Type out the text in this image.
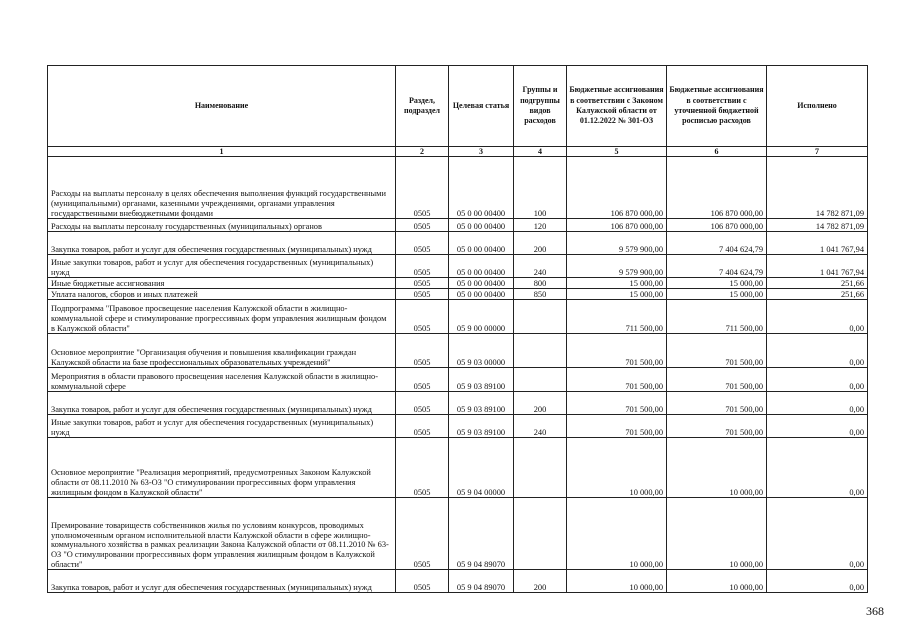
Наименование	Раздел, подраздел	Целевая статья	Группы и подгруппы видов расходов	Бюджетные ассигнования в соответствии с Законом Калужской области от 01.12.2022 № 301-ОЗ	Бюджетные ассигнования в соответствии с уточненной бюджетной росписью расходов	Исполнено
1	2	3	4	5	6	7
Расходы на выплаты персоналу в целях обеспечения выполнения функций государственными (муниципальными) органами, казенными учреждениями, органами управления государственными внебюджетными фондами	0505	05 0 00 00400	100	106 870 000,00	106 870 000,00	14 782 871,09
Расходы на выплаты персоналу государственных (муниципальных) органов	0505	05 0 00 00400	120	106 870 000,00	106 870 000,00	14 782 871,09
Закупка товаров, работ и услуг для обеспечения государственных (муниципальных) нужд	0505	05 0 00 00400	200	9 579 900,00	7 404 624,79	1 041 767,94
Иные закупки товаров, работ и услуг для обеспечения государственных (муниципальных) нужд	0505	05 0 00 00400	240	9 579 900,00	7 404 624,79	1 041 767,94
Иные бюджетные ассигнования	0505	05 0 00 00400	800	15 000,00	15 000,00	251,66
Уплата налогов, сборов и иных платежей	0505	05 0 00 00400	850	15 000,00	15 000,00	251,66
Подпрограмма "Правовое просвещение населения Калужской области в жилищно-коммунальной сфере и стимулирование прогрессивных форм управления жилищным фондом в Калужской области"	0505	05 9 00 00000		711 500,00	711 500,00	0,00
Основное мероприятие "Организация обучения и повышения квалификации граждан Калужской области на базе профессиональных образовательных учреждений"	0505	05 9 03 00000		701 500,00	701 500,00	0,00
Мероприятия в области правового просвещения населения Калужской области в жилищно-коммунальной сфере	0505	05 9 03 89100		701 500,00	701 500,00	0,00
Закупка товаров, работ и услуг для обеспечения государственных (муниципальных) нужд	0505	05 9 03 89100	200	701 500,00	701 500,00	0,00
Иные закупки товаров, работ и услуг для обеспечения государственных (муниципальных) нужд	0505	05 9 03 89100	240	701 500,00	701 500,00	0,00
Основное мероприятие "Реализация мероприятий, предусмотренных Законом Калужской области от 08.11.2010 № 63-ОЗ "О стимулировании прогрессивных форм управления жилищным фондом в Калужской области"	0505	05 9 04 00000		10 000,00	10 000,00	0,00
Премирование товариществ собственников жилья по условиям конкурсов, проводимых уполномоченным органом исполнительной власти Калужской области в сфере жилищно-коммунального хозяйства в рамках реализации Закона Калужской области от 08.11.2010 № 63-ОЗ "О стимулировании прогрессивных форм управления жилищным фондом в Калужской области"	0505	05 9 04 89070		10 000,00	10 000,00	0,00
Закупка товаров, работ и услуг для обеспечения государственных (муниципальных) нужд	0505	05 9 04 89070	200	10 000,00	10 000,00	0,00
368
